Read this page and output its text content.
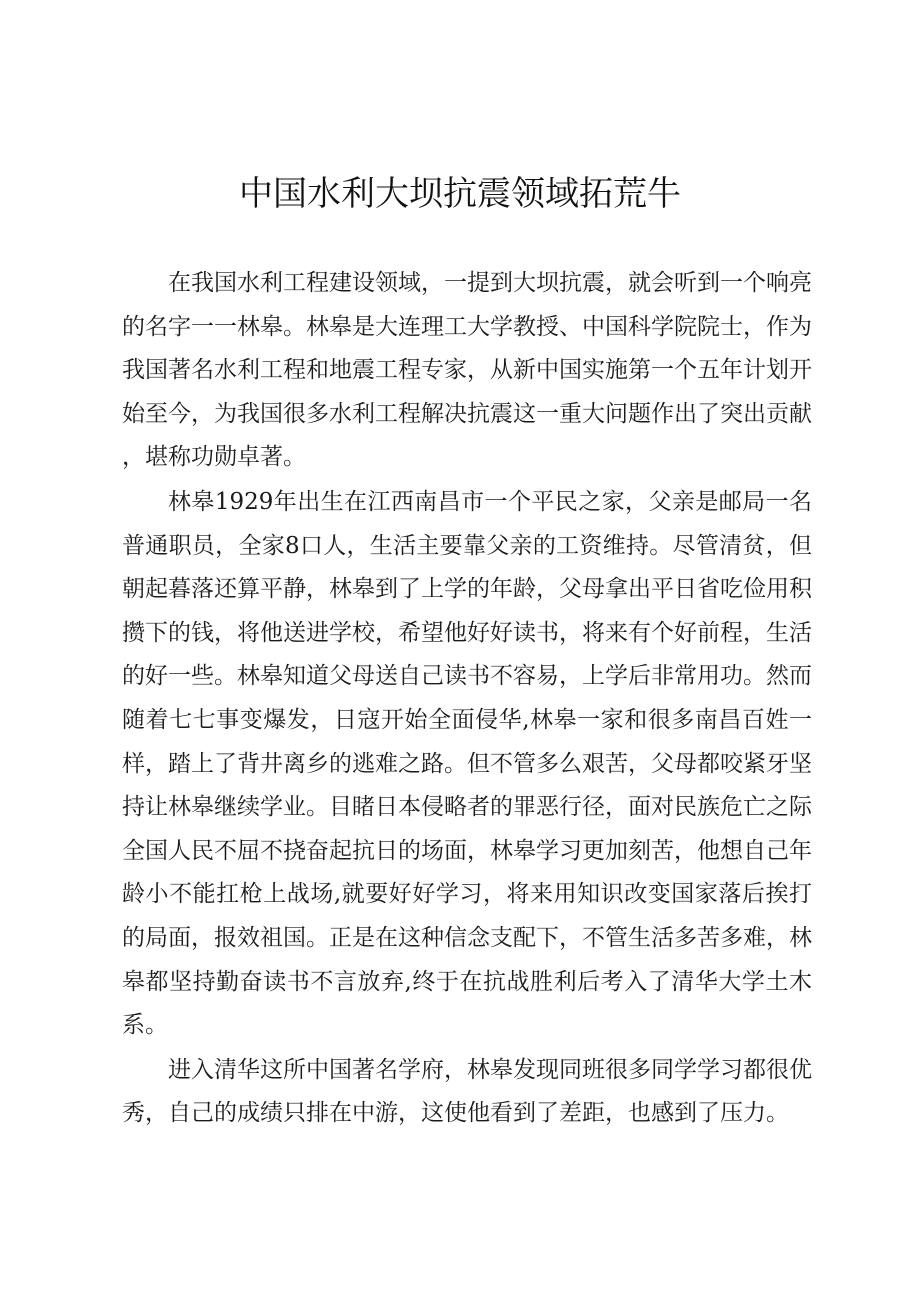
中国水利大坝抗震领域拓荒牛

在我国水利工程建设领域，一提到大坝抗震，就会听到一个响亮的名字一一林皋。林皋是大连理工大学教授、中国科学院院士，作为我国著名水利工程和地震工程专家，从新中国实施第一个五年计划开始至今，为我国很多水利工程解决抗震这一重大问题作出了突出贡献，堪称功勋卓著。

林皋1929年出生在江西南昌市一个平民之家，父亲是邮局一名普通职员，全家8口人，生活主要靠父亲的工资维持。尽管清贫，但朝起暮落还算平静，林皋到了上学的年龄，父母拿出平日省吃俭用积攒下的钱，将他送进学校，希望他好好读书，将来有个好前程，生活的好一些。林皋知道父母送自己读书不容易，上学后非常用功。然而随着七七事变爆发，日寇开始全面侵华,林皋一家和很多南昌百姓一样，踏上了背井离乡的逃难之路。但不管多么艰苦，父母都咬紧牙坚持让林皋继续学业。目睹日本侵略者的罪恶行径，面对民族危亡之际全国人民不屈不挠奋起抗日的场面，林皋学习更加刻苦，他想自己年龄小不能扛枪上战场,就要好好学习，将来用知识改变国家落后挨打的局面，报效祖国。正是在这种信念支配下，不管生活多苦多难，林皋都坚持勤奋读书不言放弃,终于在抗战胜利后考入了清华大学土木系。

进入清华这所中国著名学府，林皋发现同班很多同学学习都很优秀，自己的成绩只排在中游，这使他看到了差距，也感到了压力。
